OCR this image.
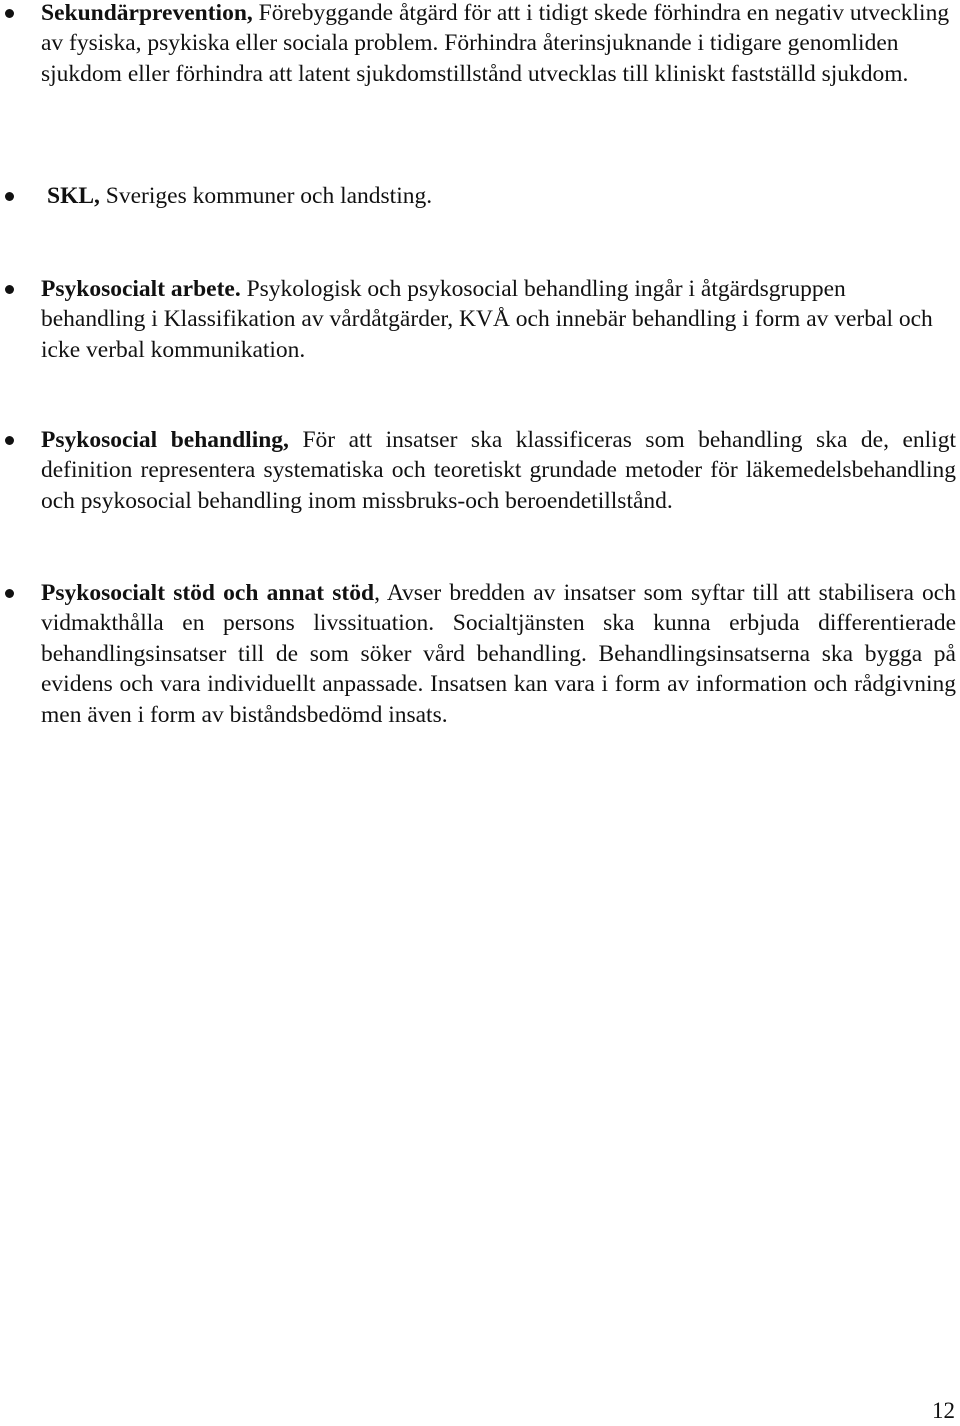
Sekundärprevention, Förebyggande åtgärd för att i tidigt skede förhindra en negativ utveckling av fysiska, psykiska eller sociala problem. Förhindra återinsjuknande i tidigare genomliden sjukdom eller förhindra att latent sjukdomstillstånd utvecklas till kliniskt fastställd sjukdom.

SKL, Sveriges kommuner och landsting.

Psykosocialt arbete. Psykologisk och psykosocial behandling ingår i åtgärdsgruppen behandling i Klassifikation av vårdåtgärder, KVÅ och innebär behandling i form av verbal och icke verbal kommunikation.

Psykosocial behandling, För att insatser ska klassificeras som behandling ska de, enligt definition representera systematiska och teoretiskt grundade metoder för läkemedelsbehandling och psykosocial behandling inom missbruks-och beroendetillstånd.

Psykosocialt stöd och annat stöd, Avser bredden av insatser som syftar till att stabilisera och vidmakthålla en persons livssituation. Socialtjänsten ska kunna erbjuda differentierade behandlingsinsatser till de som söker vård behandling. Behandlingsinsatserna ska bygga på evidens och vara individuellt anpassade. Insatsen kan vara i form av information och rådgivning men även i form av biståndsbedömd insats.

12
